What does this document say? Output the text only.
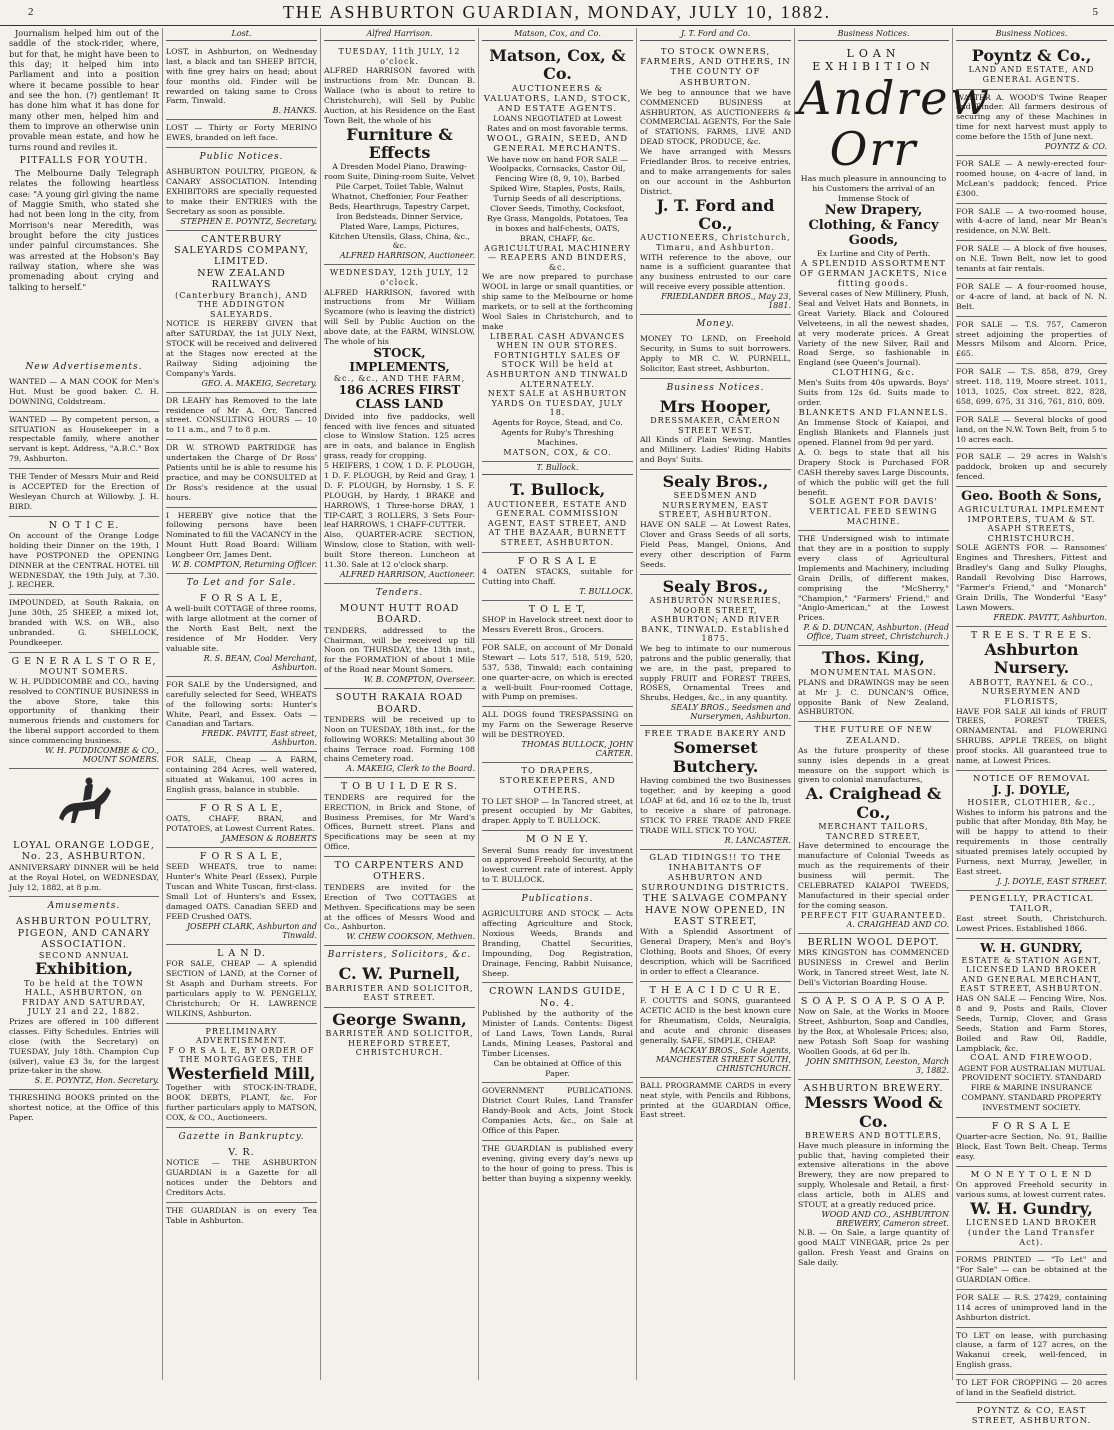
2	THE ASHBURTON GUARDIAN, MONDAY, JULY 10, 1882.	5

Journalism helped him out of the saddle of the stock-rider, where, but for that, he might have been to this day; it helped him into Parliament and into a position where it became possible to hear and see the hon. (?) gentleman! It has done him what it has done for many other men, helped him and them to improve an otherwise unin provable mean estate, and how he turns round and reviles it.

PITFALLS FOR YOUTH.

The Melbourne Daily Telegraph relates the following heartless case: "A young girl giving the name of Maggie Smith, who stated she had not been long in the city, from Morrison's near Meredith, was brought before the city justices under painful circumstances. She was arrested at the Hobson's Bay railway station, where she was promenading about crying and talking to herself."

New Advertisements.
WANTED — A MAN COOK for Men's Hut. Must be good baker. C. H. DOWNING, Coldstream.
WANTED — By competent person, a SITUATION as Housekeeper in a respectable family, where another servant is kept. Address, "A.B.C." Box 79, Ashburton.
THE Tender of Messrs Muir and Reid is ACCEPTED for the Erection of Wesleyan Church at Willowby. J. H. BIRD.
N O T I C E.
On account of the Orange Lodge holding their Dinner on the 19th, I have POSTPONED the OPENING DINNER at the CENTRAL HOTEL till WEDNESDAY, the 19th July, at 7.30. J. RECHER.
IMPOUNDED, at South Rakaia, on June 30th, 25 SHEEP, a mixed lot, branded with W.S. on WB., also unbranded. G. SHELLOCK, Poundkeeper.
G E N E R A L S T O R E,
MOUNT SOMERS.
W. H. PUDDICOMBE and CO., having resolved to CONTINUE BUSINESS in the above Store, take this opportunity of thanking their numerous friends and customers for the liberal support accorded to them since commencing business.
W. H. PUDDICOMBE & CO., MOUNT SOMERS.
LOYAL ORANGE LODGE, No. 23, ASHBURTON.
ANNIVERSARY DINNER will be held at the Royal Hotel, on WEDNESDAY, July 12, 1882, at 8 p.m.
Amusements.
ASHBURTON POULTRY, PIGEON, AND CANARY ASSOCIATION.
SECOND ANNUAL
Exhibition,
To be held at the TOWN HALL, ASHBURTON, on FRIDAY AND SATURDAY, JULY 21 and 22, 1882.
Prizes are offered in 100 different classes. Fifty Schedules. Entries will close (with the Secretary) on TUESDAY, July 18th. Champion Cup (silver), value £3 3s, for the largest prize-taker in the show.
S. E. POYNTZ, Hon. Secretary.
THRESHING BOOKS printed on the shortest notice, at the Office of this Paper.
Lost.
LOST, in Ashburton, on Wednesday last, a black and tan SHEEP BITCH, with fine grey hairs on head; about four months old. Finder will be rewarded on taking same to Cross Farm, Tinwald.
B. HANKS.
LOST — Thirty or Forty MERINO EWES, branded on left face.
Public Notices.
ASHBURTON POULTRY, PIGEON, & CANARY ASSOCIATION. Intending EXHIBITORS are specially requested to make their ENTRIES with the Secretary as soon as possible.
STEPHEN E. POYNTZ, Secretary.
CANTERBURY SALEYARDS COMPANY, LIMITED.
NEW ZEALAND RAILWAYS
(Canterbury Branch), AND THE ADDINGTON SALEYARDS.
NOTICE IS HEREBY GIVEN that after SATURDAY, the 1st JULY Next, STOCK will be received and delivered at the Stages now erected at the Railway Siding adjoining the Company's Yards.
GEO. A. MAKEIG, Secretary.
DR LEAHY has Removed to the late residence of Mr A. Orr, Tancred street. CONSULTING HOURS — 10 to 11 a.m., and 7 to 8 p.m.
DR W. STROWD PARTRIDGE has undertaken the Charge of Dr Ross' Patients until he is able to resume his practice, and may be CONSULTED at Dr Ross's residence at the usual hours.
I HEREBY give notice that the following persons have been Nominated to fill the VACANCY in the Mount Hutt Road Board: William Longbeer Orr, James Dent.
W. B. COMPTON, Returning Officer.
To Let and for Sale.
F O R S A L E,
A well-built COTTAGE of three rooms, with large allotment at the corner of the North East Belt, next the residence of Mr Hodder. Very valuable site.
R. S. BEAN, Coal Merchant, Ashburton.
FOR SALE by the Undersigned, and carefully selected for Seed, WHEATS of the following sorts: Hunter's White, Pearl, and Essex. Oats — Canadian and Tartars.
FREDK. PAVITT, East street, Ashburton.
FOR SALE, Cheap — A FARM, containing 284 Acres, well watered, situated at Wakanui, 100 acres in English grass, balance in stubble.
F O R S A L E,
OATS, CHAFF, BRAN, and POTATOES, at Lowest Current Rates.
JAMESON & ROBERTS
F O R S A L E,
SEED WHEATS, true to name: Hunter's White Pearl (Essex), Purple Tuscan and White Tuscan, first-class. Small Lot of Hunters's and Essex, damaged OATS. Canadian SEED and FEED Crushed OATS.
JOSEPH CLARK, Ashburton and Tinwald.
L A N D.
FOR SALE, CHEAP — A splendid SECTION of LAND, at the Corner of St Asaph and Durham streets. For particulars apply to W. PENGELLY, Christchurch; Or H. LAWRENCE WILKINS, Ashburton.
PRELIMINARY ADVERTISEMENT.
F O R S A L E, BY ORDER OF THE MORTGAGEES, THE
Westerfield Mill,
Together with STOCK-IN-TRADE, BOOK DEBTS, PLANT, &c. For further particulars apply to MATSON, COX, & CO., Auctioneers.
Gazette in Bankruptcy.
V. R.
NOTICE — THE ASHBURTON GUARDIAN is a Gazette for all notices under the Debtors and Creditors Acts.
THE GUARDIAN is on every Tea Table in Ashburton.
Alfred Harrison.
TUESDAY, 11th JULY, 12 o'clock.
ALFRED HARRISON favored with instructions from Mr. Duncan B. Wallace (who is about to retire to Christchurch), will Sell by Public Auction, at his Residence on the East Town Belt, the whole of his
Furniture & Effects
A Dresden Model Piano, Drawing-room Suite, Dining-room Suite, Velvet Pile Carpet, Toilet Table, Walnut Whatnot, Cheffonier, Four Feather Beds, Hearthrugs, Tapestry Carpet, Iron Bedsteads, Dinner Service, Plated Ware, Lamps, Pictures, Kitchen Utensils, Glass, China, &c., &c.
ALFRED HARRISON, Auctioneer.
WEDNESDAY, 12th JULY, 12 o'clock.
ALFRED HARRISON, favored with instructions from Mr William Sycamore (who is leaving the district) will Sell by Public Auction on the above date, at the FARM, WINSLOW, The whole of his
STOCK, IMPLEMENTS,
&c., &c., AND THE FARM,
186 ACRES FIRST CLASS LAND
Divided into five paddocks, well fenced with live fences and situated close to Winslow Station. 125 acres are in oats, and balance in English grass, ready for cropping.
5 HEIFERS, 1 COW, 1 D. F. PLOUGH, 1 D. F. PLOUGH, by Reid and Gray, 1 D. F. PLOUGH, by Hornsby, 1 S. F. PLOUGH, by Hardy, 1 BRAKE and HARROWS, 1 Three-horse DRAY, 1 TIP-CART, 3 ROLLERS, 3 Sets Four-leaf HARROWS, 1 CHAFF-CUTTER.
Also, QUARTER-ACRE SECTION, Winslow, close to Station, with well-built Store thereon. Luncheon at 11.30. Sale at 12 o'clock sharp.
ALFRED HARRISON, Auctioneer.
Tenders.
MOUNT HUTT ROAD BOARD.
TENDERS, addressed to the Chairman, will be received up till Noon on THURSDAY, the 13th inst., for the FORMATION of about 1 Mile of the Road near Mount Somers.
W. B. COMPTON, Overseer.
SOUTH RAKAIA ROAD BOARD.
TENDERS will be received up to Noon on TUESDAY, 18th inst., for the following WORKS: Metalling about 30 chains Terrace road. Forming 108 chains Cemetery road.
A. MAKEIG, Clerk to the Board.
T O B U I L D E R S.
TENDERS are required for the ERECTION, in Brick and Stone, of Business Premises, for Mr Ward's Offices, Burnett street. Plans and Specifications may be seen at my Office.
TO CARPENTERS AND OTHERS.
TENDERS are invited for the Erection of Two COTTAGES at Methven. Specifications may be seen at the offices of Messrs Wood and Co., Ashburton.
W. CHEW COOKSON, Methven.
Barristers, Solicitors, &c.
C. W. Purnell,
BARRISTER AND SOLICITOR, EAST STREET.
George Swann,
BARRISTER AND SOLICITOR, HEREFORD STREET, CHRISTCHURCH.
Matson, Cox, and Co.
Matson, Cox, & Co.
AUCTIONEERS & VALUATORS, LAND, STOCK, AND ESTATE AGENTS.
LOANS NEGOTIATED at Lowest Rates and on most favorable terms.
WOOL, GRAIN, SEED, AND GENERAL MERCHANTS.
We have now on hand FOR SALE —
Woolpacks, Cornsacks, Castor Oil, Fencing Wire (8, 9, 10), Barbed Spiked Wire, Staples, Posts, Rails, Turnip Seeds of all descriptions, Clover Seeds, Timothy, Cocksfoot, Rye Grass, Mangolds, Potatoes, Tea in boxes and half-chests, OATS, BRAN, CHAFF, &c.
AGRICULTURAL MACHINERY — REAPERS AND BINDERS, &c.
We are now prepared to purchase WOOL in large or small quantities, or ship same to the Melbourne or home markets, or to sell at the forthcoming Wool Sales in Christchurch, and to make
LIBERAL CASH ADVANCES WHEN IN OUR STORES.
FORTNIGHTLY SALES OF STOCK Will be held at ASHBURTON AND TINWALD ALTERNATELY.
NEXT SALE at ASHBURTON YARDS On TUESDAY, JULY 18.
Agents for Royce, Stead, and Co.
Agents for Ruby's Threshing Machines.
MATSON, COX, & CO.
T. Bullock.
T. Bullock,
AUCTIONEER, ESTATE AND GENERAL COMMISSION AGENT, EAST STREET, AND AT THE BAZAAR, BURNETT STREET, ASHBURTON.
F O R S A L E
4 OATEN STACKS, suitable for Cutting into Chaff.
T. BULLOCK.
T O L E T,
SHOP in Havelock street next door to Messrs Everett Bros., Grocers.
FOR SALE, on account of Mr Donald Stewart — Lots 517, 518, 519, 520, 537, 538, Tinwald; each containing one quarter-acre, on which is erected a well-built Four-roomed Cottage, with Pump on premises.
ALL DOGS found TRESPASSING on my Farm on the Sewerage Reserve will be DESTROYED.
THOMAS BULLOCK, JOHN CARTER.
TO DRAPERS, STOREKEEPERS, AND OTHERS.
TO LET SHOP — In Tancred street, at present occupied by Mr Gabites, draper. Apply to T. BULLOCK.
M O N E Y.
Several Sums ready for investment on approved Freehold Security, at the lowest current rate of interest. Apply to T. BULLOCK.
Publications.
AGRICULTURE AND STOCK — Acts affecting Agriculture and Stock, Noxious Weeds, Brands and Branding, Chattel Securities, Impounding, Dog Registration, Drainage, Fencing, Rabbit Nuisance, Sheep.
CROWN LANDS GUIDE, No. 4.
Published by the authority of the Minister of Lands. Contents: Digest of Land Laws, Town Lands, Rural Lands, Mining Leases, Pastoral and Timber Licenses.
Can be obtained at Office of this Paper.
GOVERNMENT PUBLICATIONS. District Court Rules, Land Transfer Handy-Book and Acts, Joint Stock Companies Acts, &c., on Sale at Office of this Paper.
THE GUARDIAN is published every evening, giving every day's news up to the hour of going to press. This is better than buying a sixpenny weekly.
J. T. Ford and Co.
TO STOCK OWNERS, FARMERS, AND OTHERS, IN THE COUNTY OF ASHBURTON.
We beg to announce that we have COMMENCED BUSINESS at ASHBURTON, AS AUCTIONEERS & COMMERCIAL AGENTS, For the Sale of STATIONS, FARMS, LIVE AND DEAD STOCK, PRODUCE, &c.
We have arranged with Messrs Friedlander Bros. to receive entries, and to make arrangements for sales on our account in the Ashburton District.
J. T. Ford and Co.,
AUCTIONEERS, Christchurch, Timaru, and Ashburton.
WITH reference to the above, our name is a sufficient guarantee that any business entrusted to our care will receive every possible attention.
FRIEDLANDER BROS., May 23, 1881.
Money.
MONEY TO LEND, on Freehold Security, in Sums to suit borrowers. Apply to MR C. W. PURNELL, Solicitor, East street, Ashburton.
Business Notices.
Mrs Hooper,
DRESSMAKER, CAMERON STREET WEST.
All Kinds of Plain Sewing. Mantles and Millinery. Ladies' Riding Habits and Boys' Suits.
Sealy Bros.,
SEEDSMEN AND NURSERYMEN, EAST STREET, ASHBURTON.
HAVE ON SALE — At Lowest Rates, Clover and Grass Seeds of all sorts, Field Peas, Mangel, Onions, And every other description of Farm Seeds.
Sealy Bros.,
ASHBURTON NURSERIES, MOORE STREET, ASHBURTON; AND RIVER BANK, TINWALD. Established 1875.
We beg to intimate to our numerous patrons and the public generally, that we are, in the past, prepared to supply FRUIT and FOREST TREES, ROSES, Ornamental Trees and Shrubs, Hedges, &c., in any quantity.
SEALY BROS., Seedsmen and Nurserymen, Ashburton.
FREE TRADE BAKERY AND
Somerset Butchery.
Having combined the two Businesses together, and by keeping a good LOAF at 6d, and 16 oz to the lb, trust to receive a share of patronage. STICK TO FREE TRADE AND FREE TRADE WILL STICK TO YOU.
R. LANCASTER.
GLAD TIDINGS!! TO THE INHABITANTS OF ASHBURTON AND SURROUNDING DISTRICTS.
THE SALVAGE COMPANY HAVE NOW OPENED, IN EAST STREET,
With a Splendid Assortment of General Drapery, Men's and Boy's Clothing, Boots and Shoes, Of every description, which will be Sacrificed in order to effect a Clearance.
T H E A C I D C U R E.
F. COUTTS and SONS, guaranteed ACETIC ACID is the best known cure for Rheumatism, Colds, Neuralgia, and acute and chronic diseases generally. SAFE, SIMPLE, CHEAP.
MACKAY BROS., Sole Agents, MANCHESTER STREET SOUTH, CHRISTCHURCH.
BALL PROGRAMME CARDS in every neat style, with Pencils and Ribbons, printed at the GUARDIAN Office, East street.
Business Notices.
LOAN EXHIBITION
Andrew Orr
Has much pleasure in announcing to his Customers the arrival of an Immense Stock of
New Drapery, Clothing, & Fancy Goods,
Ex Lurline and City of Perth.
A SPLENDID ASSORTMENT OF GERMAN JACKETS, Nice fitting goods.
Several cases of New Millinery, Plush, Seal and Velvet Hats and Bonnets, in Great Variety. Black and Coloured Velveteens, in all the newest shades, at very moderate prices. A Great Variety of the new Silver, Rail and Road Serge, so fashionable in England (see Queen's Journal).
CLOTHING, &c.
Men's Suits from 40s upwards. Boys' Suits from 12s 6d. Suits made to order.
BLANKETS AND FLANNELS.
An Immense Stock of Kaiapoi, and English Blankets and Flannels just opened. Flannel from 9d per yard.
A. O. begs to state that all his Drapery Stock is Purchased FOR CASH thereby saves Large Discounts, of which the public will get the full benefit.
SOLE AGENT FOR DAVIS' VERTICAL FEED SEWING MACHINE.
THE Undersigned wish to intimate that they are in a position to supply every class of Agricultural Implements and Machinery, including Grain Drills, of different makes, comprising the "McSherry," "Champion," "Farmers' Friend," and "Anglo-American," at the Lowest Prices.
P. & D. DUNCAN, Ashburton. (Head Office, Tuam street, Christchurch.)
Thos. King,
MONUMENTAL MASON.
PLANS and DRAWINGS may be seen at Mr J. C. DUNCAN'S Office, opposite Bank of New Zealand, ASHBURTON.
THE FUTURE OF NEW ZEALAND.
As the future prosperity of these sunny isles depends in a great measure on the support which is given to colonial manufactures,
A. Craighead & Co.,
MERCHANT TAILORS, TANCRED STREET,
Have determined to encourage the manufacture of Colonial Tweeds as much as the requirements of their business will permit. The CELEBRATED KAIAPOI TWEEDS, Manufactured in their special order for the coming season.
PERFECT FIT GUARANTEED.
A. CRAIGHEAD AND CO.
BERLIN WOOL DEPOT.
MRS KINGSTON has COMMENCED BUSINESS in Crewel and Berlin Work, in Tancred street West, late N. Dell's Victorian Boarding House.
S O A P. S O A P. S O A P.
Now on Sale, at the Works in Moore Street, Ashburton, Soap and Candles, by the Box, at Wholesale Prices; also, new Potash Soft Soap for washing Woollen Goods, at 6d per lb.
JOHN SMITHSON, Leeston, March 3, 1882.
ASHBURTON BREWERY.
Messrs Wood & Co.
BREWERS AND BOTTLERS,
Have much pleasure in informing the public that, having completed their extensive alterations in the above Brewery, they are now prepared to supply, Wholesale and Retail, a first-class article, both in ALES and STOUT, at a greatly reduced price.
WOOD AND CO., ASHBURTON BREWERY, Cameron street.
N.B. — On Sale, a large quantity of good MALT VINEGAR, price 2s per gallon. Fresh Yeast and Grains on Sale daily.
Business Notices.
Poyntz & Co.,
LAND AND ESTATE, AND GENERAL AGENTS.
WALTER A. WOOD'S Twine Reaper and Binder. All farmers desirous of securing any of these Machines in time for next harvest must apply to come before the 15th of June next.
POYNTZ & CO.
FOR SALE — A newly-erected four-roomed house, on 4-acre of land, in McLean's paddock; fenced. Price £300.
FOR SALE — A two-roomed house, with 4-acre of land, near Mr Bean's residence, on N.W. Belt.
FOR SALE — A block of five houses, on N.E. Town Belt, now let to good tenants at fair rentals.
FOR SALE — A four-roomed house, or 4-acre of land, at back of N. N. Belt.
FOR SALE — T.S. 757, Cameron street adjoining the properties of Messrs Milsom and Alcorn. Price, £65.
FOR SALE — T.S. 858, 879, Grey street. 118, 119, Moore street. 1011, 1013, 1025, Cox street. 822, 828, 658, 699, 675, 31 316, 761, 810, 809.
FOR SALE — Several blocks of good land, on the N.W. Town Belt, from 5 to 10 acres each.
FOR SALE — 29 acres in Walsh's paddock, broken up and securely fenced.
Geo. Booth & Sons,
AGRICULTURAL IMPLEMENT IMPORTERS, TUAM & ST. ASAPH STREETS, CHRISTCHURCH.
SOLE AGENTS FOR — Ransomes' Engines and Threshers, Fittest and Bradley's Gang and Sulky Ploughs, Randall Revolving Disc Harrows, "Farmer's Friend," and "Monarch" Grain Drills, The Wonderful "Easy" Lawn Mowers.
FREDK. PAVITT, Ashburton.
T R E E S. T R E E S.
Ashburton Nursery.
ABBOTT, RAYNEL & CO., NURSERYMEN AND FLORISTS,
HAVE FOR SALE All kinds of FRUIT TREES, FOREST TREES, ORNAMENTAL and FLOWERING SHRUBS. APPLE TREES, on blight proof stocks. All guaranteed true to name, at Lowest Prices.
NOTICE OF REMOVAL
J. J. DOYLE,
HOSIER, CLOTHIER, &c.,
Wishes to inform his patrons and the public that after Monday, 8th May, he will be happy to attend to their requirements in those centrally situated premises lately occupied by Furness, next Murray, Jeweller, in East street.
J. J. DOYLE, EAST STREET.
PENGELLY, PRACTICAL TAILOR,
East street South, Christchurch. Lowest Prices. Established 1866.
W. H. GUNDRY,
ESTATE & STATION AGENT, LICENSED LAND BROKER AND GENERAL MERCHANT, EAST STREET, ASHBURTON.
HAS ON SALE — Fencing Wire, Nos. 8 and 9, Posts and Rails, Clover Seeds, Turnip, Clover, and Grass Seeds, Station and Farm Stores, Boiled and Raw Oil, Raddle, Lampblack, &c.
COAL AND FIREWOOD.
AGENT FOR AUSTRALIAN MUTUAL PROVIDENT SOCIETY. STANDARD FIRE & MARINE INSURANCE COMPANY. STANDARD PROPERTY INVESTMENT SOCIETY.
F O R S A L E
Quarter-acre Section, No. 91, Baillie Block, East Town Belt. Cheap. Terms easy.
M O N E Y T O L E N D
On approved Freehold security in various sums, at lowest current rates.
W. H. Gundry,
LICENSED LAND BROKER (under the Land Transfer Act).
FORMS PRINTED — "To Let" and "For Sale" — can be obtained at the GUARDIAN Office.
FOR SALE — R.S. 27429, containing 114 acres of unimproved land in the Ashburton district.
TO LET on lease, with purchasing clause, a farm of 127 acres, on the Wakanui creek, well-fenced, in English grass.
TO LET FOR CROPPING — 20 acres of land in the Seafield district.
POYNTZ & CO, EAST STREET, ASHBURTON.
